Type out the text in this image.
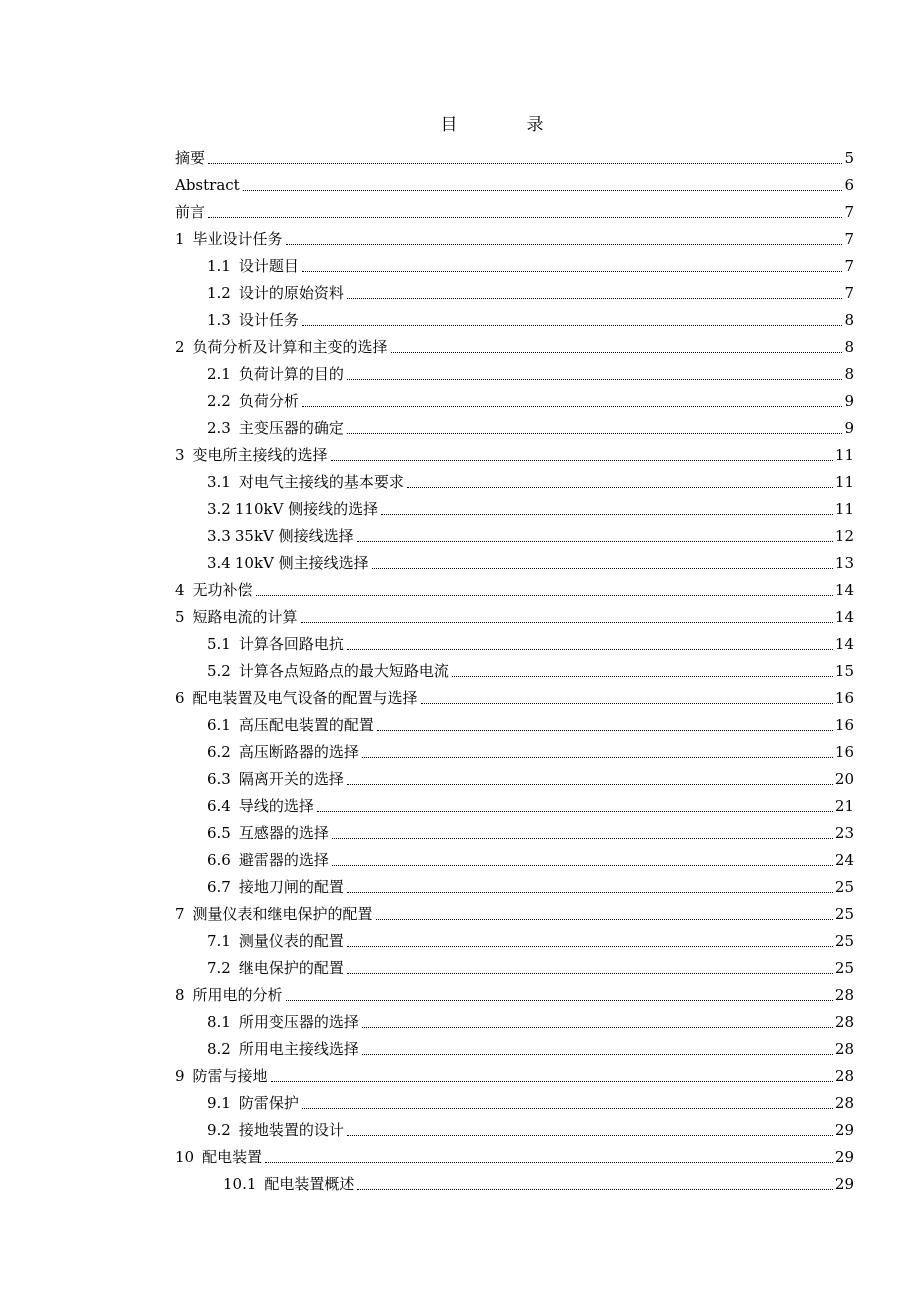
目　录
摘要	5
Abstract	6
前言	7
1 毕业设计任务	7
1.1 设计题目	7
1.2 设计的原始资料	7
1.3 设计任务	8
2 负荷分析及计算和主变的选择	8
2.1 负荷计算的目的	8
2.2 负荷分析	9
2.3 主变压器的确定	9
3 变电所主接线的选择	11
3.1 对电气主接线的基本要求	11
3.2 110kV 侧接线的选择	11
3.3 35kV 侧接线选择	12
3.4 10kV 侧主接线选择	13
4 无功补偿	14
5 短路电流的计算	14
5.1 计算各回路电抗	14
5.2 计算各点短路点的最大短路电流	15
6 配电装置及电气设备的配置与选择	16
6.1 高压配电装置的配置	16
6.2 高压断路器的选择	16
6.3 隔离开关的选择	20
6.4 导线的选择	21
6.5 互感器的选择	23
6.6 避雷器的选择	24
6.7 接地刀闸的配置	25
7 测量仪表和继电保护的配置	25
7.1 测量仪表的配置	25
7.2 继电保护的配置	25
8 所用电的分析	28
8.1 所用变压器的选择	28
8.2 所用电主接线选择	28
9 防雷与接地	28
9.1 防雷保护	28
9.2 接地装置的设计	29
10 配电装置	29
10.1 配电装置概述	29
